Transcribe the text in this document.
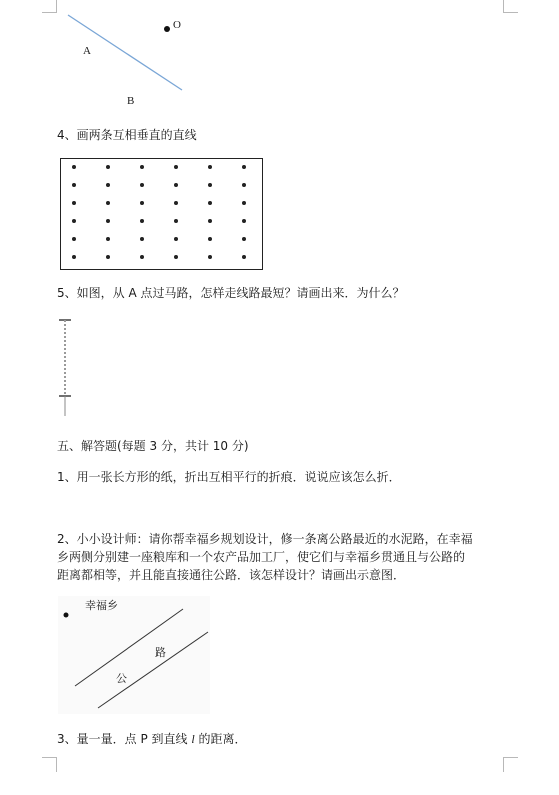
O
A
B
4、画两条互相垂直的直线
5、如图，从 A 点过马路，怎样走线路最短？请画出来．为什么？
五、解答题(每题 3 分，共计 10 分)
1、用一张长方形的纸，折出互相平行的折痕．说说应该怎么折．
2、小小设计师：请你帮幸福乡规划设计，修一条离公路最近的水泥路，在幸福
乡两侧分别建一座粮库和一个农产品加工厂，使它们与幸福乡贯通且与公路的
距离都相等，并且能直接通往公路．该怎样设计？请画出示意图．
幸福乡
路
公
3、量一量．点 P 到直线 l 的距离．
